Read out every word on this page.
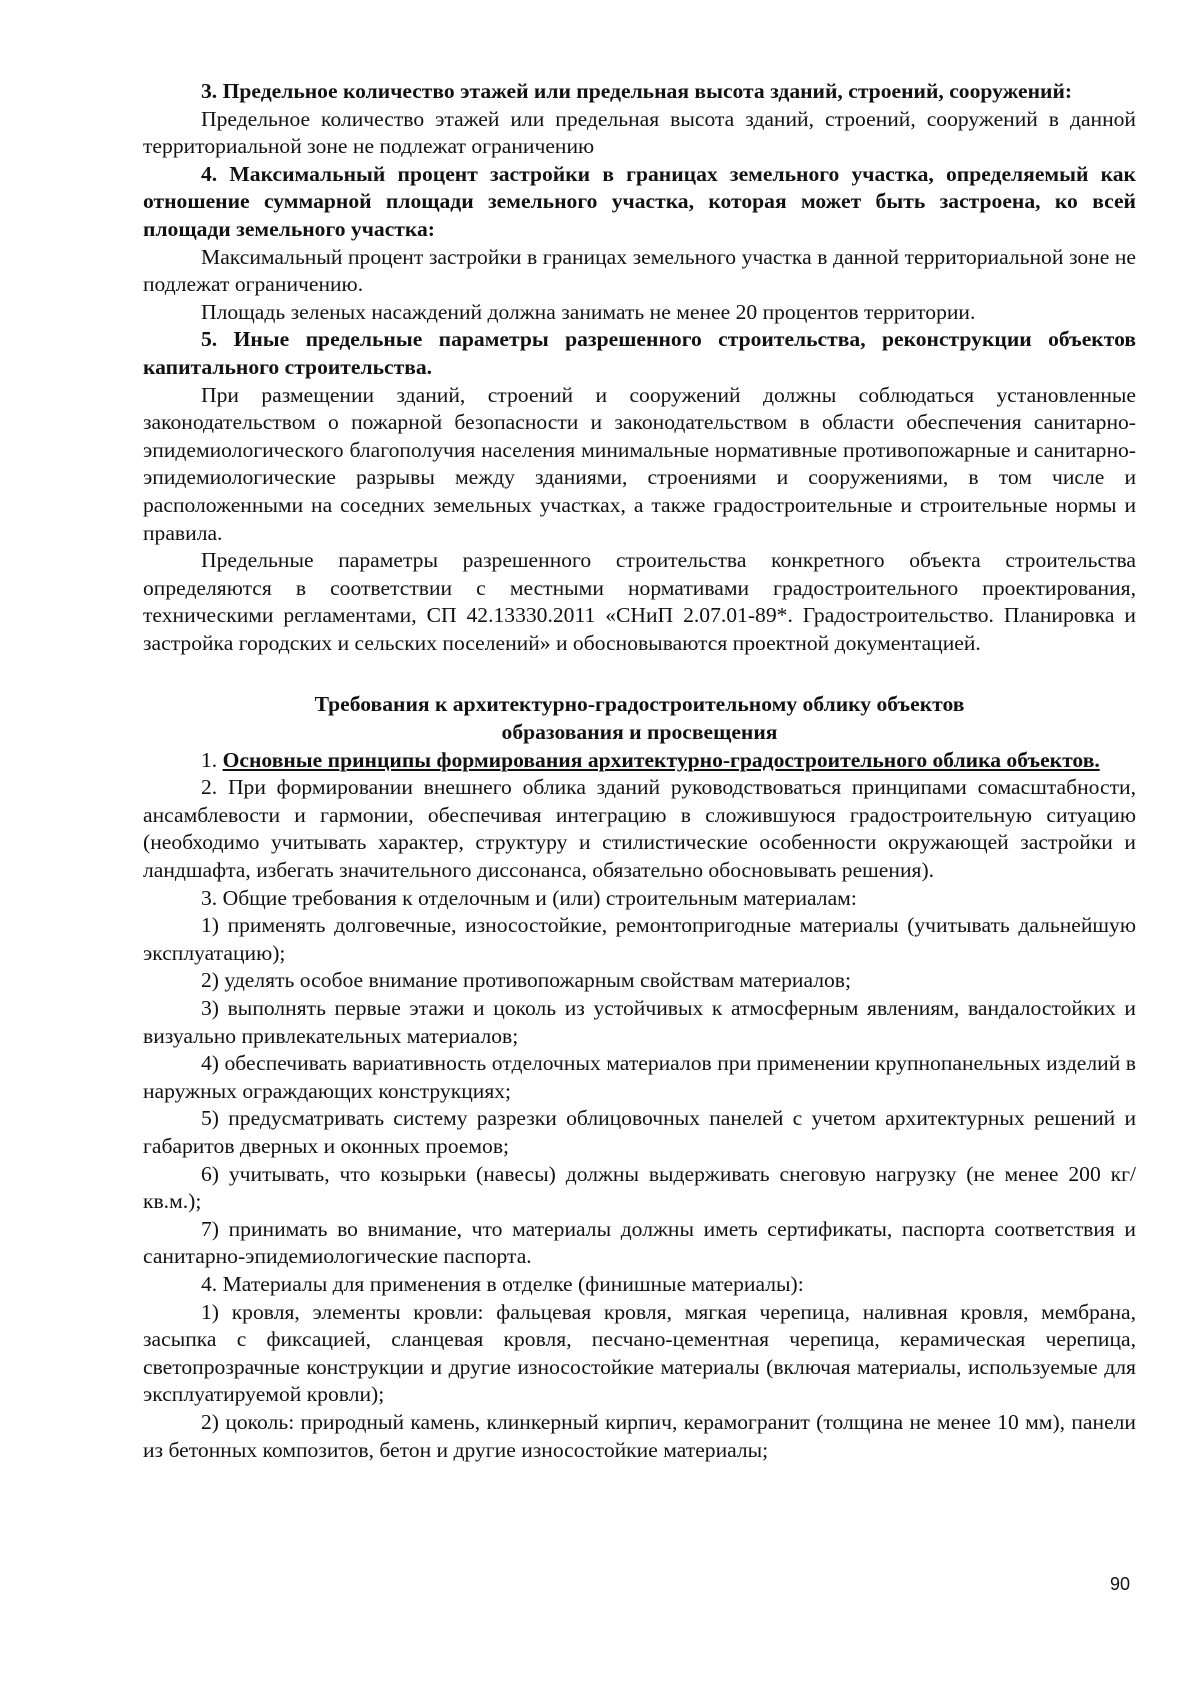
3. Предельное количество этажей или предельная высота зданий, строений, сооружений:

Предельное количество этажей или предельная высота зданий, строений, сооружений в данной территориальной зоне не подлежат ограничению

4. Максимальный процент застройки в границах земельного участка, определяемый как отношение суммарной площади земельного участка, которая может быть застроена, ко всей площади земельного участка:

Максимальный процент застройки в границах земельного участка в данной территориальной зоне не подлежат ограничению.

Площадь зеленых насаждений должна занимать не менее 20 процентов территории.

5. Иные предельные параметры разрешенного строительства, реконструкции объектов капитального строительства.

При размещении зданий, строений и сооружений должны соблюдаться установленные законодательством о пожарной безопасности и законодательством в области обеспечения санитарно-эпидемиологического благополучия населения минимальные нормативные противопожарные и санитарно-эпидемиологические разрывы между зданиями, строениями и сооружениями, в том числе и расположенными на соседних земельных участках, а также градостроительные и строительные нормы и правила.

Предельные параметры разрешенного строительства конкретного объекта строительства определяются в соответствии с местными нормативами градостроительного проектирования, техническими регламентами, СП 42.13330.2011 «СНиП 2.07.01-89*. Градостроительство. Планировка и застройка городских и сельских поселений» и обосновываются проектной документацией.

Требования к архитектурно-градостроительному облику объектов

образования и просвещения

1. Основные принципы формирования архитектурно-градостроительного облика объектов.

2. При формировании внешнего облика зданий руководствоваться принципами сомасштабности, ансамблевости и гармонии, обеспечивая интеграцию в сложившуюся градостроительную ситуацию (необходимо учитывать характер, структуру и стилистические особенности окружающей застройки и ландшафта, избегать значительного диссонанса, обязательно обосновывать решения).

3. Общие требования к отделочным и (или) строительным материалам:

1) применять долговечные, износостойкие, ремонтопригодные материалы (учитывать дальнейшую эксплуатацию);

2) уделять особое внимание противопожарным свойствам материалов;

3) выполнять первые этажи и цоколь из устойчивых к атмосферным явлениям, вандалостойких и визуально привлекательных материалов;

4) обеспечивать вариативность отделочных материалов при применении крупнопанельных изделий в наружных ограждающих конструкциях;

5) предусматривать систему разрезки облицовочных панелей с учетом архитектурных решений и габаритов дверных и оконных проемов;

6) учитывать, что козырьки (навесы) должны выдерживать снеговую нагрузку (не менее 200 кг/кв.м.);

7) принимать во внимание, что материалы должны иметь сертификаты, паспорта соответствия и санитарно-эпидемиологические паспорта.

4. Материалы для применения в отделке (финишные материалы):

1) кровля, элементы кровли: фальцевая кровля, мягкая черепица, наливная кровля, мембрана, засыпка с фиксацией, сланцевая кровля, песчано-цементная черепица, керамическая черепица, светопрозрачные конструкции и другие износостойкие материалы (включая материалы, используемые для эксплуатируемой кровли);

2) цоколь: природный камень, клинкерный кирпич, керамогранит (толщина не менее 10 мм), панели из бетонных композитов, бетон и другие износостойкие материалы;

90
